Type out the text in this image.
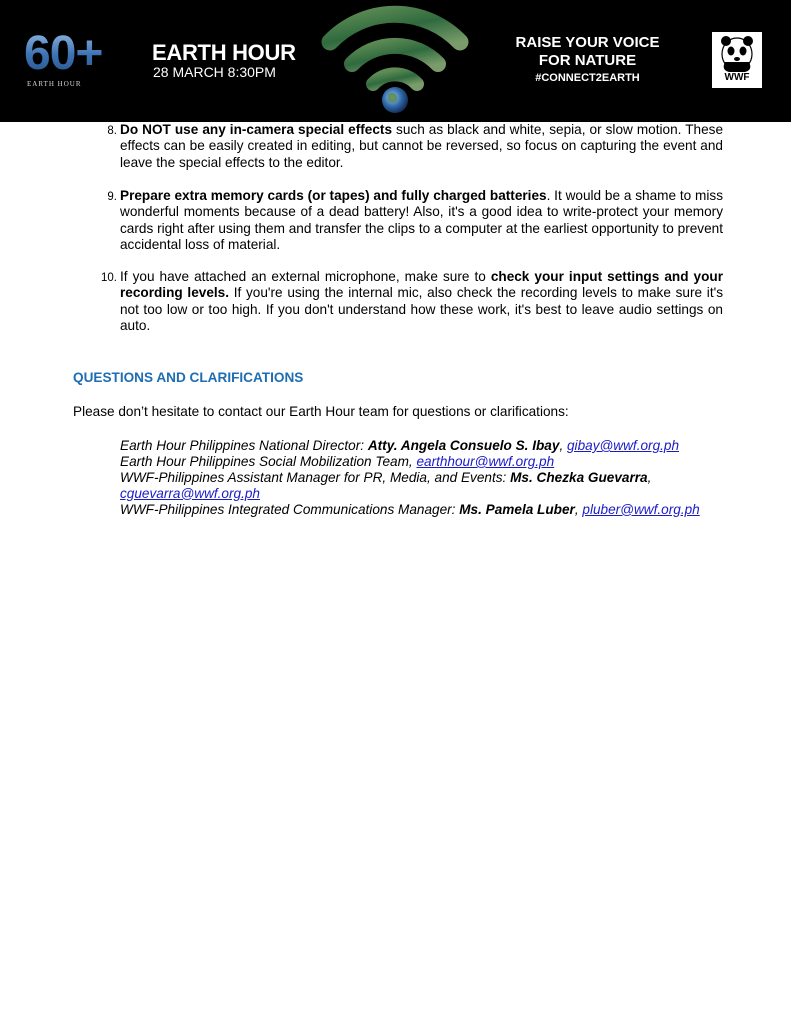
60+
EARTH HOUR
EARTH HOUR
28 MARCH 8:30PM
RAISE YOUR VOICE
FOR NATURE
#CONNECT2EARTH	WWF
8. Do NOT use any in-camera special effects such as black and white, sepia, or slow motion. These effects can be easily created in editing, but cannot be reversed, so focus on capturing the event and leave the special effects to the editor.
9. Prepare extra memory cards (or tapes) and fully charged batteries. It would be a shame to miss wonderful moments because of a dead battery! Also, it's a good idea to write-protect your memory cards right after using them and transfer the clips to a computer at the earliest opportunity to prevent accidental loss of material.
10. If you have attached an external microphone, make sure to check your input settings and your recording levels. If you're using the internal mic, also check the recording levels to make sure it's not too low or too high. If you don't understand how these work, it's best to leave audio settings on auto.
QUESTIONS AND CLARIFICATIONS
Please don’t hesitate to contact our Earth Hour team for questions or clarifications:
Earth Hour Philippines National Director: Atty. Angela Consuelo S. Ibay, gibay@wwf.org.ph
Earth Hour Philippines Social Mobilization Team, earthhour@wwf.org.ph
WWF-Philippines Assistant Manager for PR, Media, and Events: Ms. Chezka Guevarra,
cguevarra@wwf.org.ph
WWF-Philippines Integrated Communications Manager: Ms. Pamela Luber, pluber@wwf.org.ph
